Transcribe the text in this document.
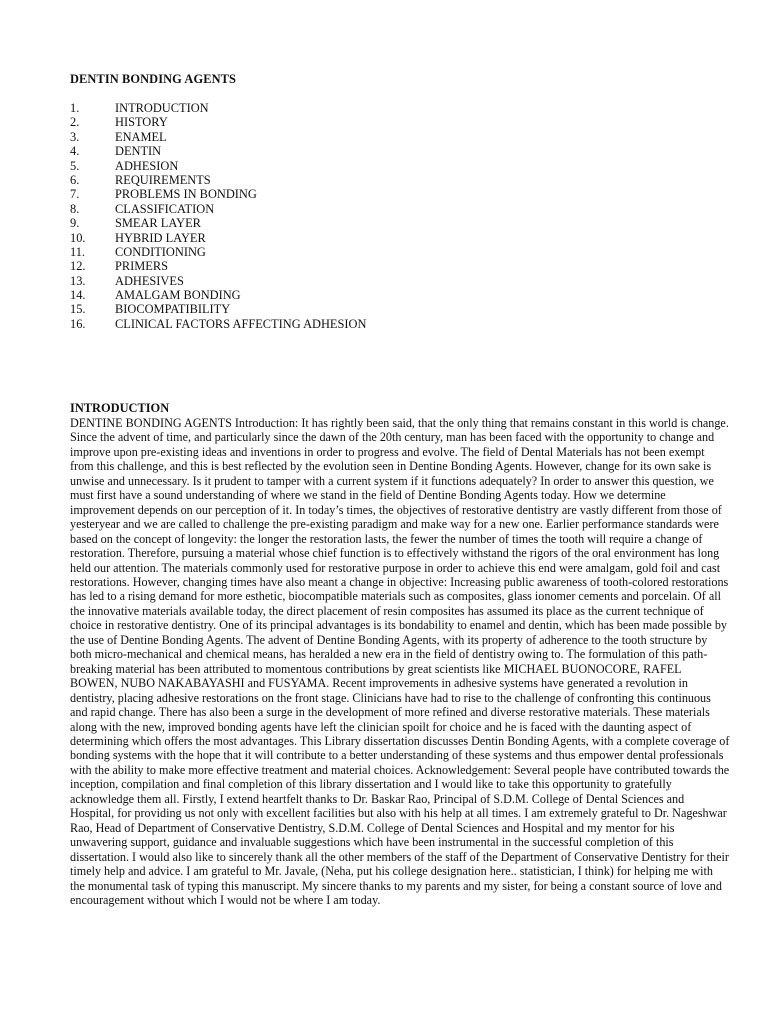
DENTIN BONDING AGENTS
1.	INTRODUCTION
2.	HISTORY
3.	ENAMEL
4.	DENTIN
5.	ADHESION
6.	REQUIREMENTS
7.	PROBLEMS IN BONDING
8.	CLASSIFICATION
9.	SMEAR LAYER
10.	HYBRID LAYER
11.	CONDITIONING
12.	PRIMERS
13.	ADHESIVES
14.	AMALGAM BONDING
15.	BIOCOMPATIBILITY
16.	CLINICAL FACTORS AFFECTING ADHESION
INTRODUCTION

DENTINE BONDING AGENTS Introduction: It has rightly been said, that the only thing that remains constant in this world is change. Since the advent of time, and particularly since the dawn of the 20th century, man has been faced with the opportunity to change and improve upon pre-existing ideas and inventions in order to progress and evolve. The field of Dental Materials has not been exempt from this challenge, and this is best reflected by the evolution seen in Dentine Bonding Agents. However, change for its own sake is unwise and unnecessary. Is it prudent to tamper with a current system if it functions adequately? In order to answer this question, we must first have a sound understanding of where we stand in the field of Dentine Bonding Agents today. How we determine improvement depends on our perception of it. In today’s times, the objectives of restorative dentistry are vastly different from those of yesteryear and we are called to challenge the pre-existing paradigm and make way for a new one. Earlier performance standards were based on the concept of longevity: the longer the restoration lasts, the fewer the number of times the tooth will require a change of restoration. Therefore, pursuing a material whose chief function is to effectively withstand the rigors of the oral environment has long held our attention. The materials commonly used for restorative purpose in order to achieve this end were amalgam, gold foil and cast restorations. However, changing times have also meant a change in objective: Increasing public awareness of tooth-colored restorations has led to a rising demand for more esthetic, biocompatible materials such as composites, glass ionomer cements and porcelain. Of all the innovative materials available today, the direct placement of resin composites has assumed its place as the current technique of choice in restorative dentistry. One of its principal advantages is its bondability to enamel and dentin, which has been made possible by the use of Dentine Bonding Agents. The advent of Dentine Bonding Agents, with its property of adherence to the tooth structure by both micro-mechanical and chemical means, has heralded a new era in the field of dentistry owing to. The formulation of this path-breaking material has been attributed to momentous contributions by great scientists like MICHAEL BUONOCORE, RAFEL BOWEN, NUBO NAKABAYASHI and FUSYAMA. Recent improvements in adhesive systems have generated a revolution in dentistry, placing adhesive restorations on the front stage. Clinicians have had to rise to the challenge of confronting this continuous and rapid change. There has also been a surge in the development of more refined and diverse restorative materials. These materials along with the new, improved bonding agents have left the clinician spoilt for choice and he is faced with the daunting aspect of determining which offers the most advantages. This Library dissertation discusses Dentin Bonding Agents, with a complete coverage of bonding systems with the hope that it will contribute to a better understanding of these systems and thus empower dental professionals with the ability to make more effective treatment and material choices. Acknowledgement: Several people have contributed towards the inception, compilation and final completion of this library dissertation and I would like to take this opportunity to gratefully acknowledge them all. Firstly, I extend heartfelt thanks to Dr. Baskar Rao, Principal of S.D.M. College of Dental Sciences and Hospital, for providing us not only with excellent facilities but also with his help at all times. I am extremely grateful to Dr. Nageshwar Rao, Head of Department of Conservative Dentistry, S.D.M. College of Dental Sciences and Hospital and my mentor for his unwavering support, guidance and invaluable suggestions which have been instrumental in the successful completion of this dissertation. I would also like to sincerely thank all the other members of the staff of the Department of Conservative Dentistry for their timely help and advice. I am grateful to Mr. Javale, (Neha, put his college designation here.. statistician, I think) for helping me with the monumental task of typing this manuscript. My sincere thanks to my parents and my sister, for being a constant source of love and encouragement without which I would not be where I am today.
